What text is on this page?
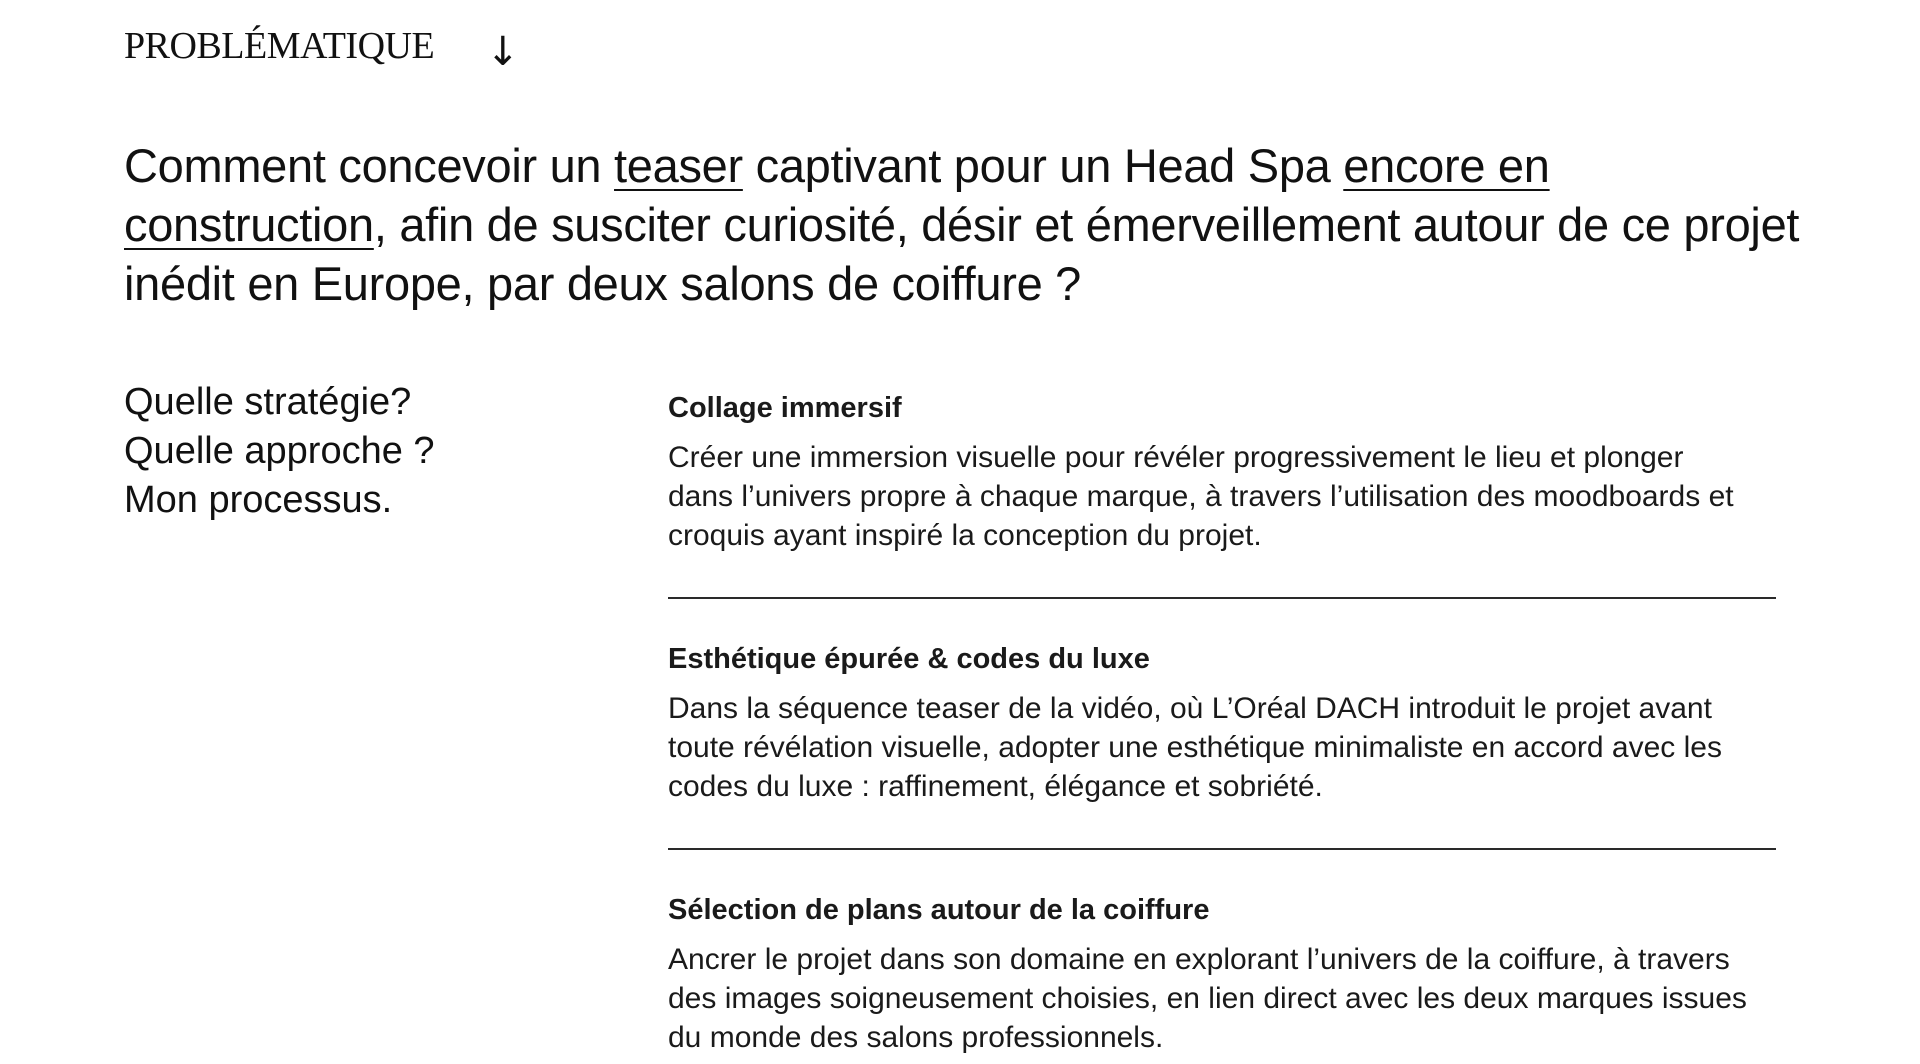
PROBLÉMATIQUE ↓

Comment concevoir un teaser captivant pour un Head Spa encore en construction, afin de susciter curiosité, désir et émerveillement autour de ce projet inédit en Europe, par deux salons de coiffure ?

Quelle stratégie?
Quelle approche ?
Mon processus.
Collage immersif
Créer une immersion visuelle pour révéler progressivement le lieu et plonger dans l’univers propre à chaque marque, à travers l’utilisation des moodboards et croquis ayant inspiré la conception du projet.
Esthétique épurée & codes du luxe
Dans la séquence teaser de la vidéo, où L’Oréal DACH introduit le projet avant toute révélation visuelle, adopter une esthétique minimaliste en accord avec les codes du luxe : raffinement, élégance et sobriété.
Sélection de plans autour de la coiffure
Ancrer le projet dans son domaine en explorant l’univers de la coiffure, à travers des images soigneusement choisies, en lien direct avec les deux marques issues du monde des salons professionnels.
